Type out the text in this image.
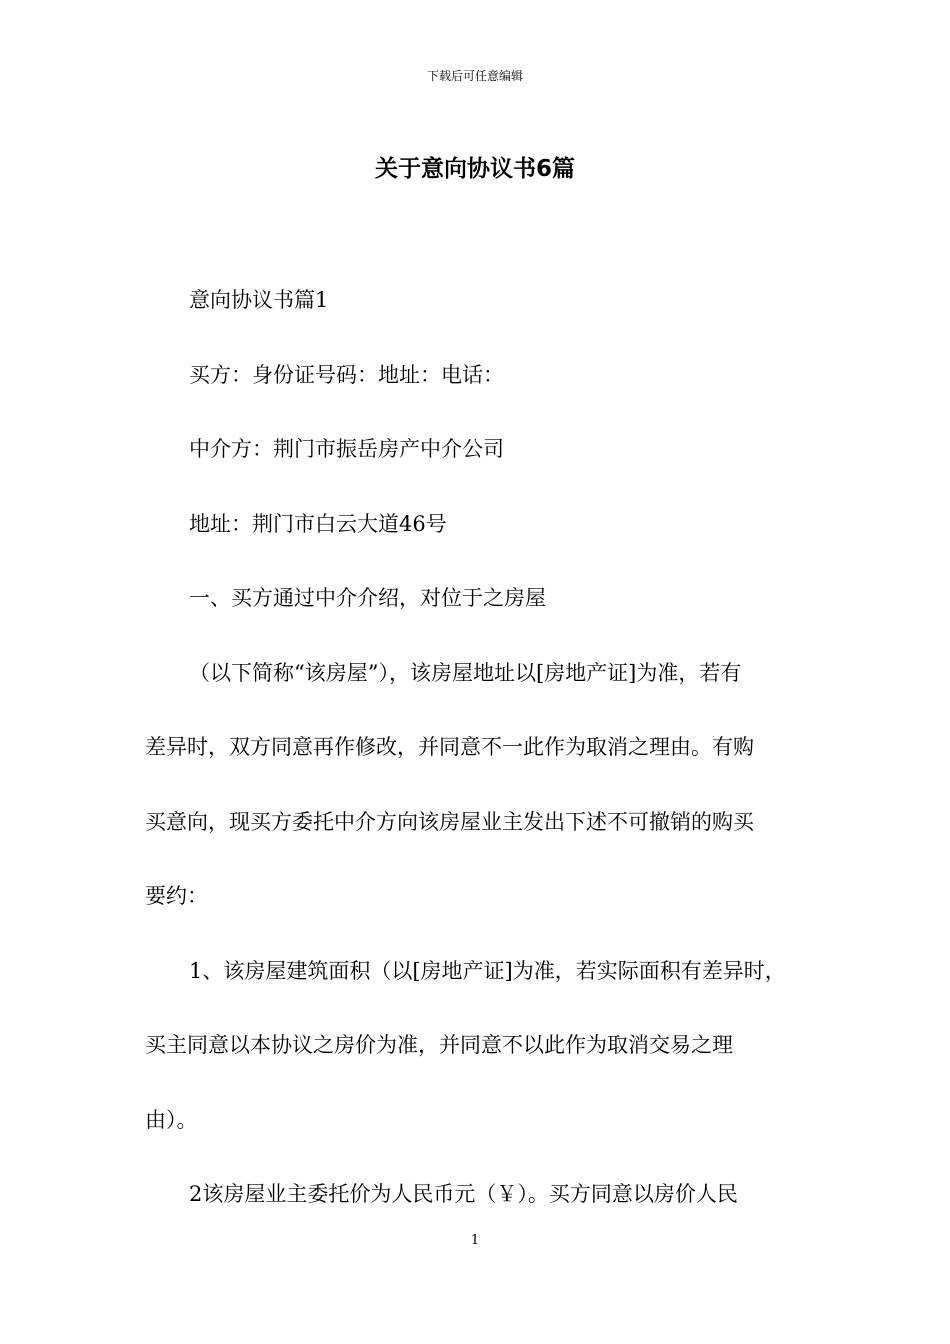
下载后可任意编辑
关于意向协议书6篇
意向协议书篇1
买方：身份证号码：地址：电话：
中介方：荆门市振岳房产中介公司
地址：荆门市白云大道46号
一、买方通过中介介绍，对位于之房屋
（以下简称“该房屋”），该房屋地址以[房地产证]为准，若有
差异时，双方同意再作修改，并同意不一此作为取消之理由。有购
买意向，现买方委托中介方向该房屋业主发出下述不可撤销的购买
要约：
1、该房屋建筑面积（以[房地产证]为准，若实际面积有差异时，
买主同意以本协议之房价为准，并同意不以此作为取消交易之理
由）。
2该房屋业主委托价为人民币元（￥）。买方同意以房价人民
1
